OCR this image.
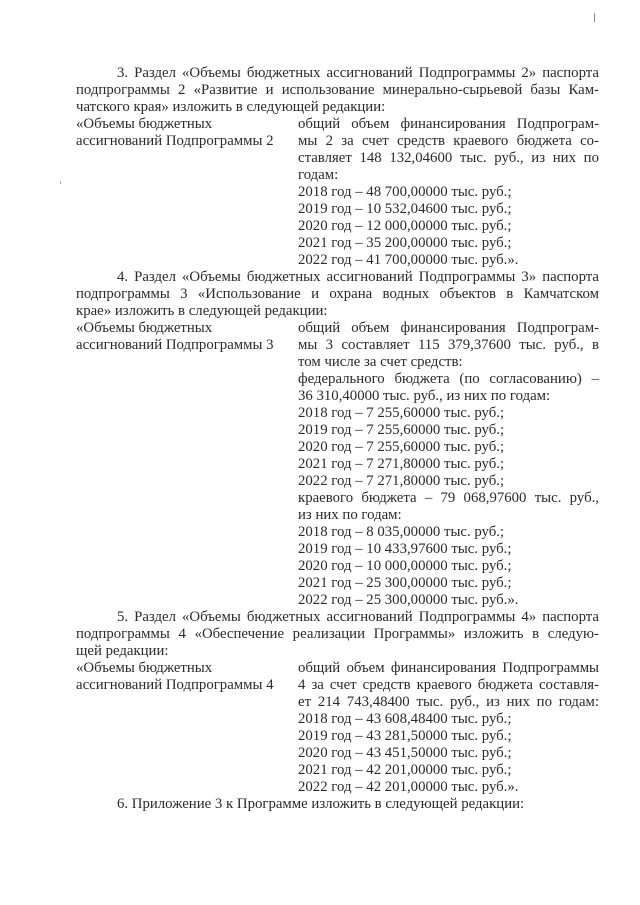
3. Раздел «Объемы бюджетных ассигнований Подпрограммы 2» паспорта
подпрограммы 2 «Развитие и использование минерально-сырьевой базы Кам-
чатского края» изложить в следующей редакции:
«Объемы бюджетных
ассигнований Подпрограммы 2
общий объем финансирования Подпрограм-
мы 2 за счет средств краевого бюджета со-
ставляет 148 132,04600 тыс. руб., из них по
годам:
2018 год – 48 700,00000 тыс. руб.;
2019 год – 10 532,04600 тыс. руб.;
2020 год – 12 000,00000 тыс. руб.;
2021 год – 35 200,00000 тыс. руб.;
2022 год – 41 700,00000 тыс. руб.».
4. Раздел «Объемы бюджетных ассигнований Подпрограммы 3» паспорта
подпрограммы 3 «Использование и охрана водных объектов в Камчатском
крае» изложить в следующей редакции:
«Объемы бюджетных
ассигнований Подпрограммы 3
общий объем финансирования Подпрограм-
мы 3 составляет 115 379,37600 тыс. руб., в
том числе за счет средств:
федерального бюджета (по согласованию) –
36 310,40000 тыс. руб., из них по годам:
2018 год – 7 255,60000 тыс. руб.;
2019 год – 7 255,60000 тыс. руб.;
2020 год – 7 255,60000 тыс. руб.;
2021 год – 7 271,80000 тыс. руб.;
2022 год – 7 271,80000 тыс. руб.;
краевого бюджета – 79 068,97600 тыс. руб.,
из них по годам:
2018 год – 8 035,00000 тыс. руб.;
2019 год – 10 433,97600 тыс. руб.;
2020 год – 10 000,00000 тыс. руб.;
2021 год – 25 300,00000 тыс. руб.;
2022 год – 25 300,00000 тыс. руб.».
5. Раздел «Объемы бюджетных ассигнований Подпрограммы 4» паспорта
подпрограммы 4 «Обеспечение реализации Программы» изложить в следую-
щей редакции:
«Объемы бюджетных
ассигнований Подпрограммы 4
общий объем финансирования Подпрограммы
4 за счет средств краевого бюджета составля-
ет 214 743,48400 тыс. руб., из них по годам:
2018 год – 43 608,48400 тыс. руб.;
2019 год – 43 281,50000 тыс. руб.;
2020 год – 43 451,50000 тыс. руб.;
2021 год – 42 201,00000 тыс. руб.;
2022 год – 42 201,00000 тыс. руб.».
6. Приложение 3 к Программе изложить в следующей редакции:
